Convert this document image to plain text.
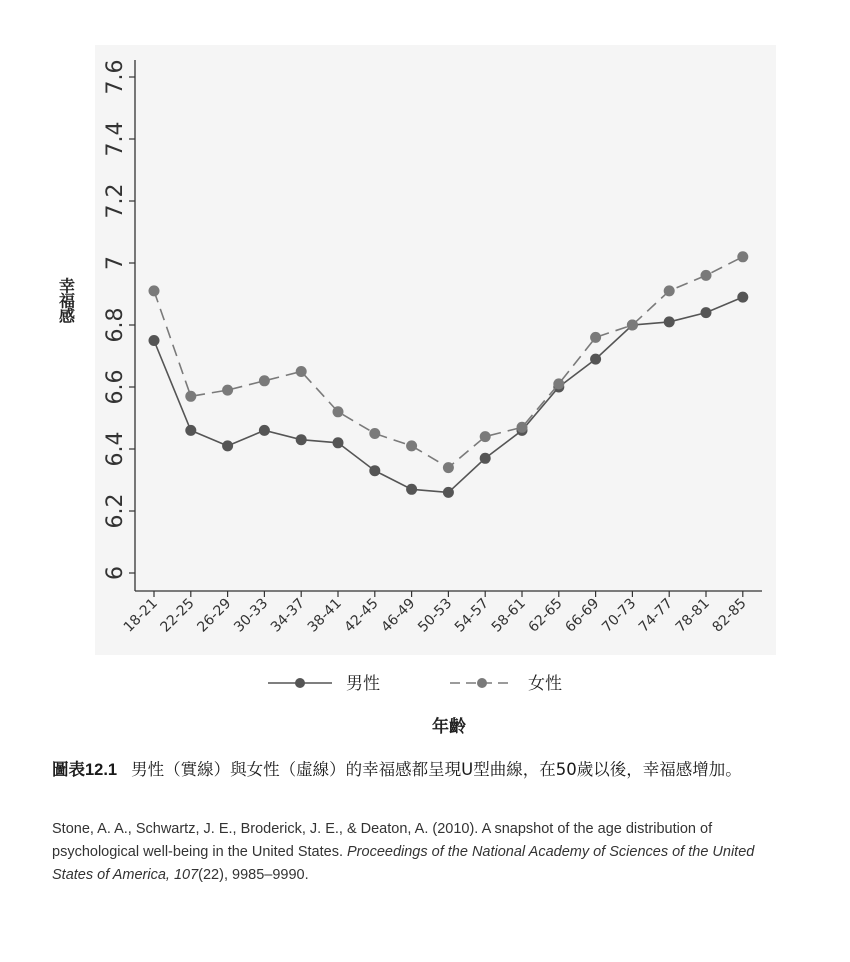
6
6.2
6.4
6.6
6.8
7
7.2
7.4
7.6
18-21
22-25
26-29
30-33
34-37
38-41
42-45
46-49
50-53
54-57
58-61
62-65
66-69
70-73
74-77
78-81
82-85
幸福感
男性	女性
年齡
圖表12.1 男性（實線）與女性（虛線）的幸福感都呈現U型曲線，在50歲以後，幸福感增加。
Stone, A. A., Schwartz, J. E., Broderick, J. E., & Deaton, A. (2010). A snapshot of the age distribution of psychological well-being in the United States. Proceedings of the National Academy of Sciences of the United States of America, 107(22), 9985–9990.
